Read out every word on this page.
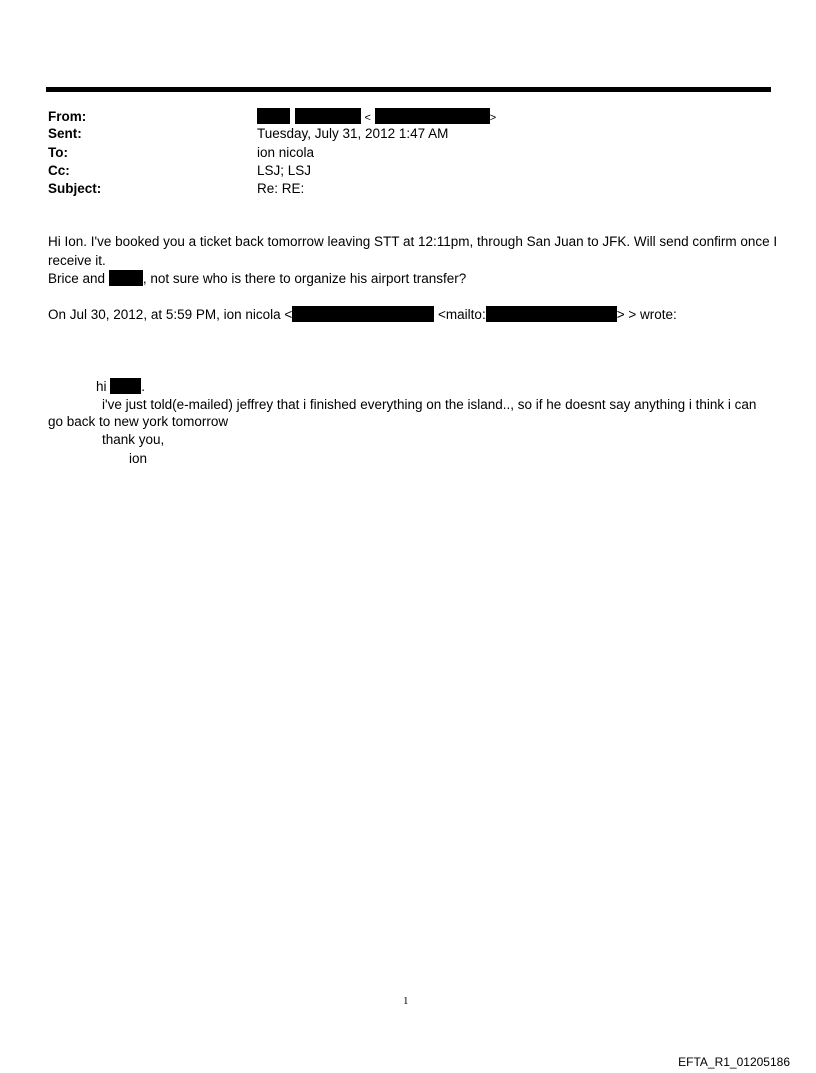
From:	<	>
Sent:	Tuesday, July 31, 2012 1:47 AM
To:	ion nicola
Cc:	LSJ; LSJ
Subject:	Re: RE:
Hi Ion. I've booked you a ticket back tomorrow leaving STT at 12:11pm, through San Juan to JFK. Will send confirm once I
receive it.
Brice and	, not sure who is there to organize his airport transfer?
On Jul 30, 2012, at 5:59 PM, ion nicola <	<mailto:	> > wrote:
hi	.
i've just told(e-mailed) jeffrey that i finished everything on the island.., so if he doesnt say anything i think i can
go back to new york tomorrow
thank you,
ion
1
EFTA_R1_01205186
